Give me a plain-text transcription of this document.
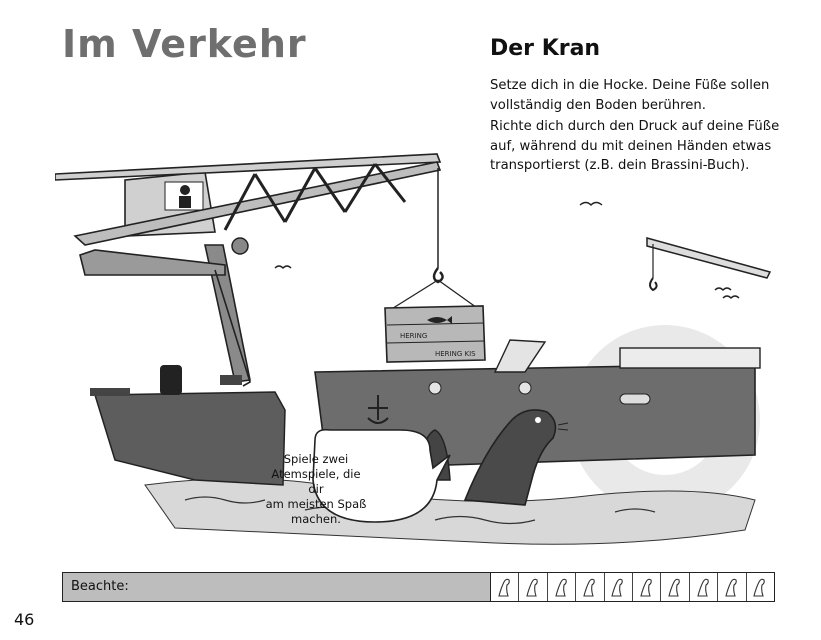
Im Verkehr	Der Kran

Setze dich in die Hocke. Deine Füße sollen vollständig den Boden berühren.

Richte dich durch den Druck auf deine Füße auf, während du mit deinen Händen etwas transportierst (z.B. dein Brassini-Buch).

HERING
HERING KIS
Spiele zwei
Atemspiele, die dir
am meisten Spaß
machen.
Beachte:
46
